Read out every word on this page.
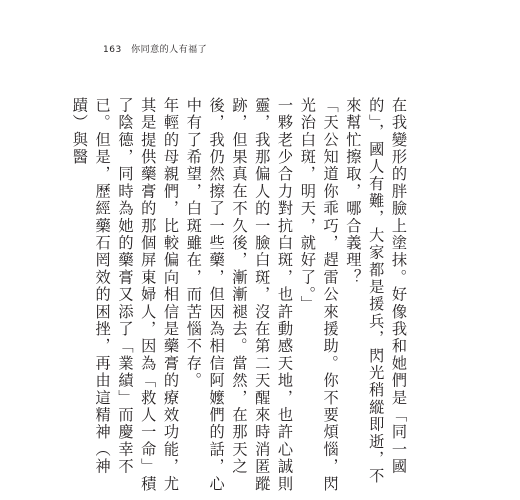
163 你同意的人有福了

在我變形的胖臉上塗抹。好像我和她們是「同一國的」，國人有難，大家都是援兵，閃光稍縱即逝，不來幫忙擦取，哪合義理？

「天公知道你乖巧，趕雷公來援助。你不要煩惱，閃光治白斑，明天，就好了。」

一夥老少合力對抗白斑，也許動感天地，也許心誠則靈，我那偏人的一臉白斑，沒在第二天醒來時消匿蹤跡，但果真在不久後，漸漸褪去。當然，在那天之後，我仍然擦了一些藥，但因為相信阿嬤們的話，心中有了希望，白斑雖在，而苦惱不存。

年輕的母親們，比較偏向相信是藥膏的療效功能，尤其是提供藥膏的那個屏東婦人，因為「救人一命」積了陰德，同時為她的藥膏又添了「業績」而慶幸不已。但是，歷經藥石罔效的困挫，再由這精神（神蹟）與醫
